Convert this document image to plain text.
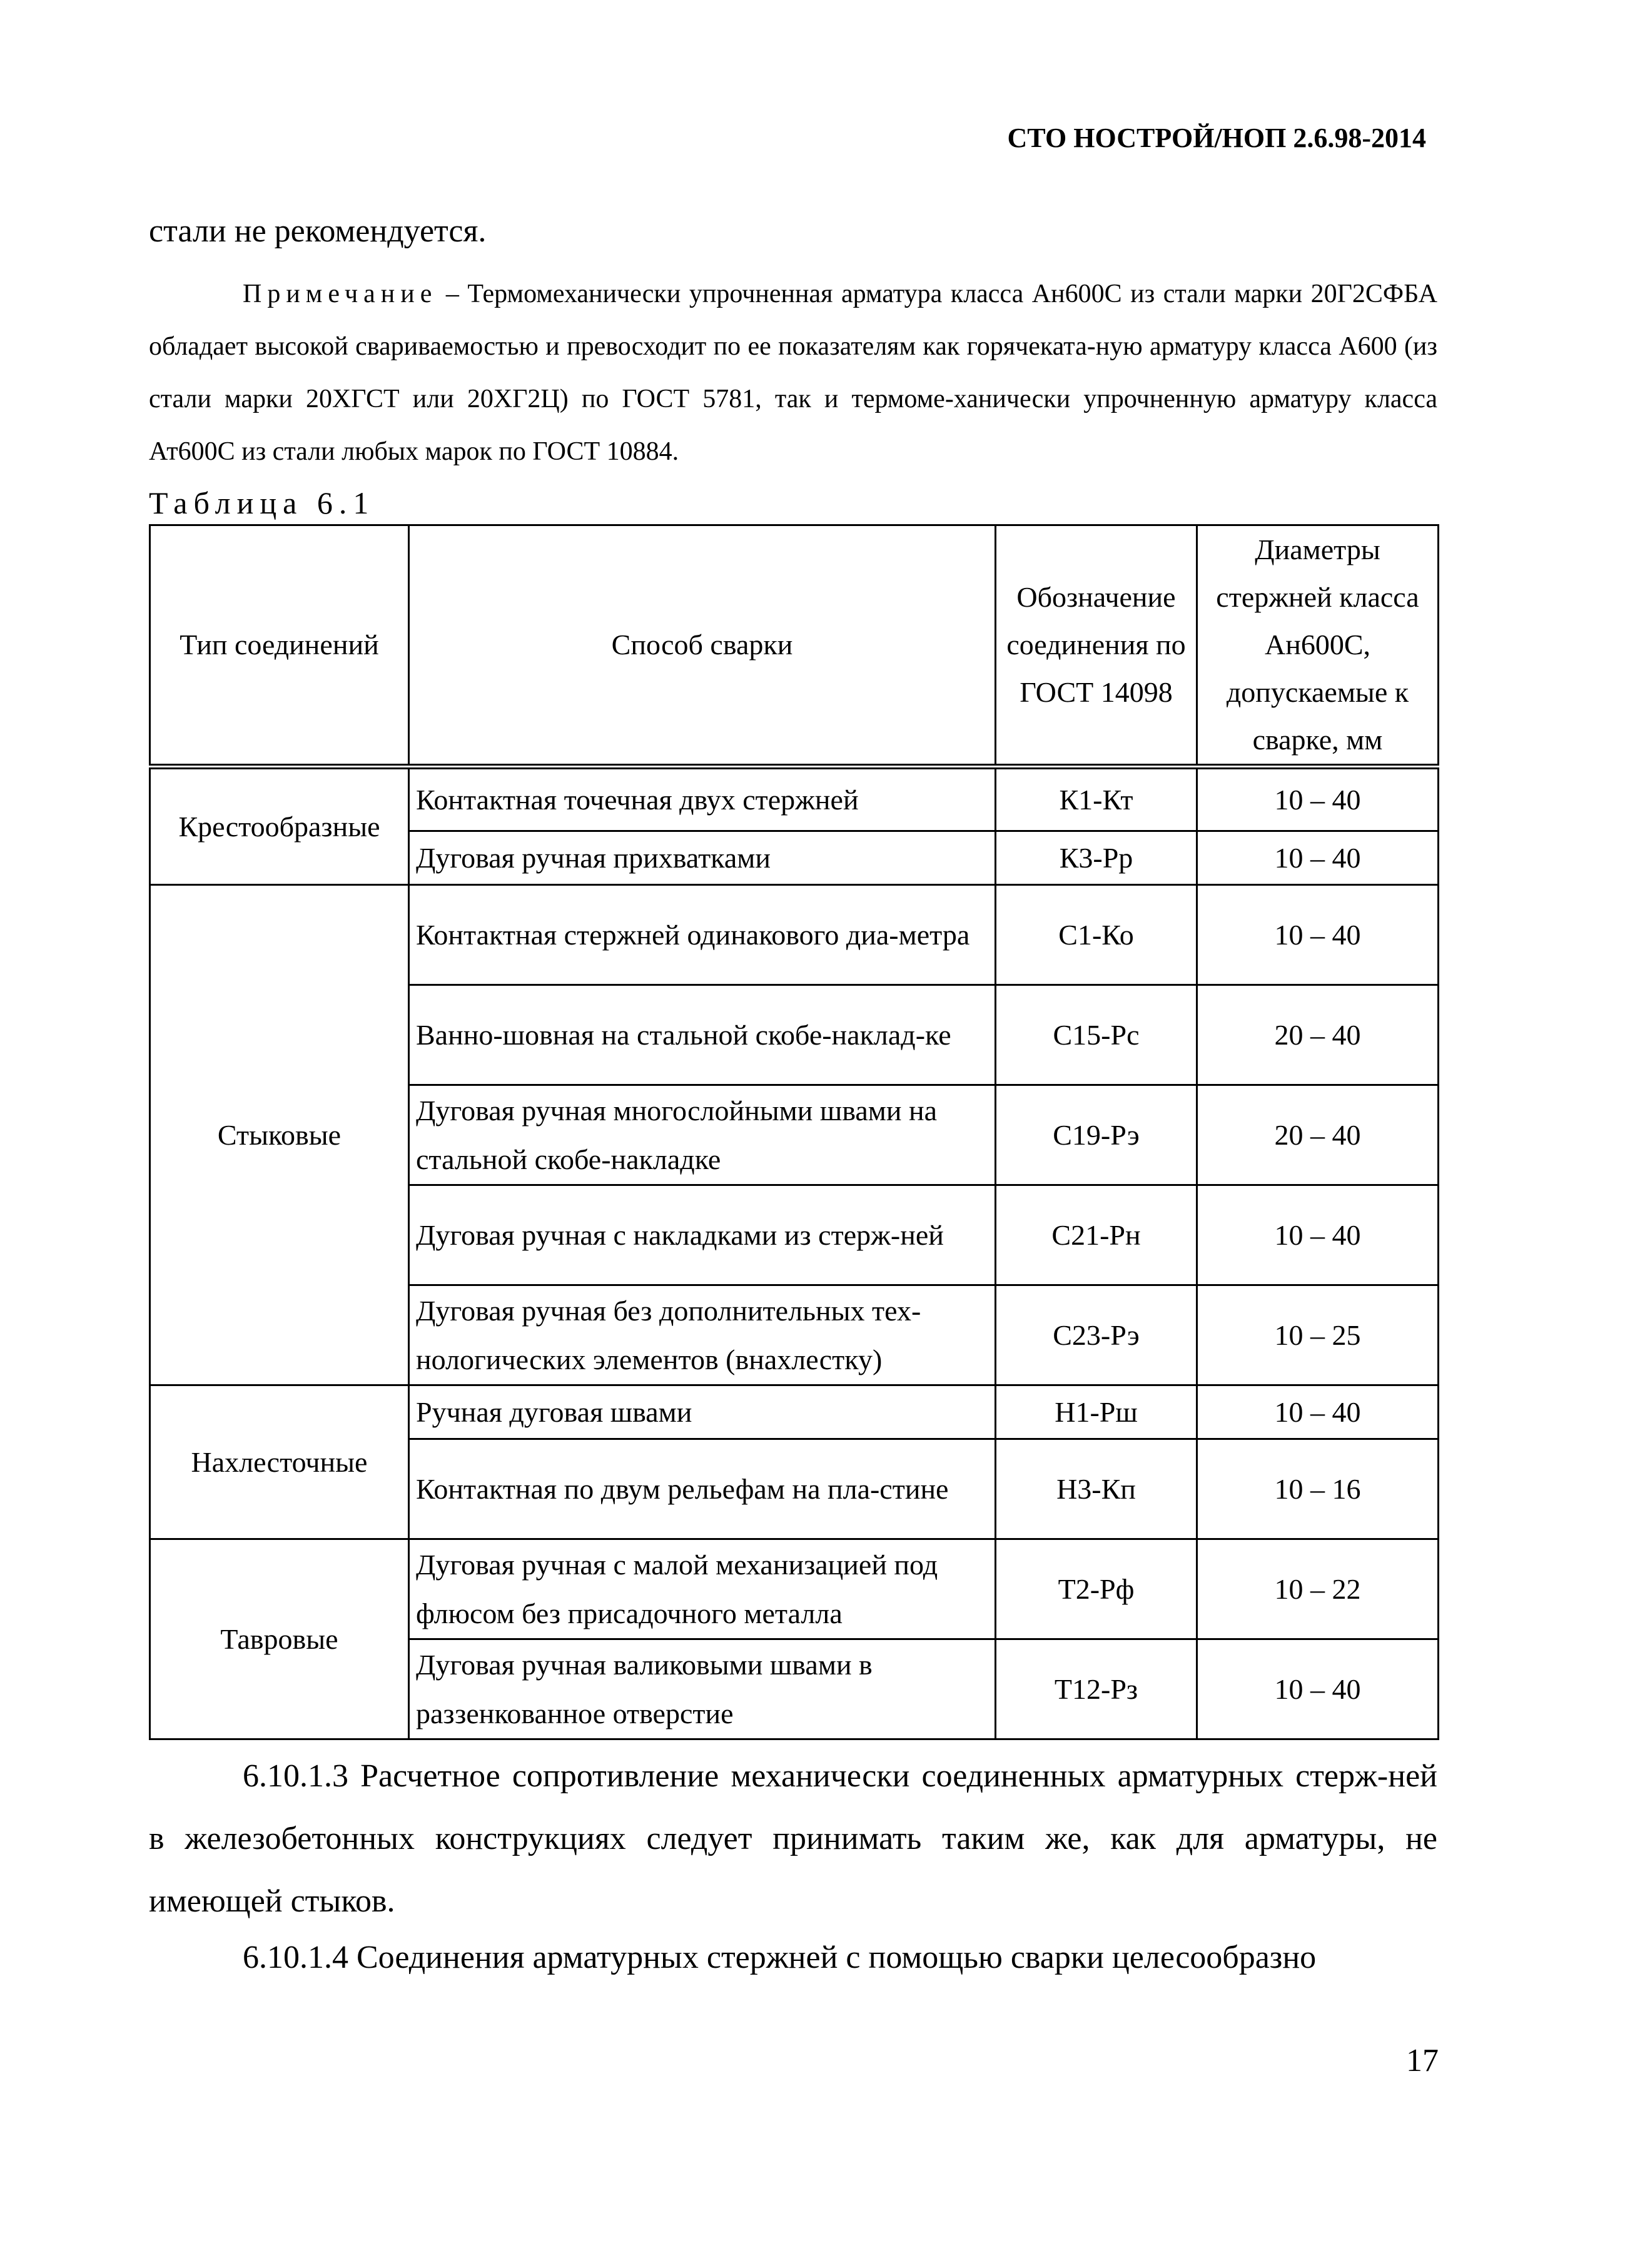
СТО НОСТРОЙ/НОП 2.6.98-2014
стали не рекомендуется.
Примечание – Термомеханически упрочненная арматура класса Ан600С из стали марки 20Г2СФБА обладает высокой свариваемостью и превосходит по ее показателям как горячеката-ную арматуру класса А600 (из стали марки 20ХГСТ или 20ХГ2Ц) по ГОСТ 5781, так и термоме-ханически упрочненную арматуру класса Ат600С из стали любых марок по ГОСТ 10884.
Таблица 6.1
Тип соединений	Способ сварки	Обозначение соединения по ГОСТ 14098	Диаметры стержней класса Ан600С, допускаемые к сварке, мм
Крестообразные	Контактная точечная двух стержней	К1-Кт	10 – 40
	Дуговая ручная прихватками	К3-Рр	10 – 40
Стыковые	Контактная стержней одинакового диа-метра	С1-Ко	10 – 40
	Ванно-шовная на стальной скобе-наклад-ке	С15-Рс	20 – 40
	Дуговая ручная многослойными швами на стальной скобе-накладке	С19-Рэ	20 – 40
	Дуговая ручная с накладками из стерж-ней	С21-Рн	10 – 40
	Дуговая ручная без дополнительных тех-нологических элементов (внахлестку)	С23-Рэ	10 – 25
Нахлесточные	Ручная дуговая швами	Н1-Рш	10 – 40
	Контактная по двум рельефам на пла-стине	Н3-Кп	10 – 16
Тавровые	Дуговая ручная с малой механизацией под флюсом без присадочного металла	Т2-Рф	10 – 22
	Дуговая ручная валиковыми швами в раззенкованное отверстие	Т12-Рз	10 – 40
6.10.1.3 Расчетное сопротивление механически соединенных арматурных стерж-ней в железобетонных конструкциях следует принимать таким же, как для арматуры, не имеющей стыков.
6.10.1.4 Соединения арматурных стержней с помощью сварки целесообразно
17
